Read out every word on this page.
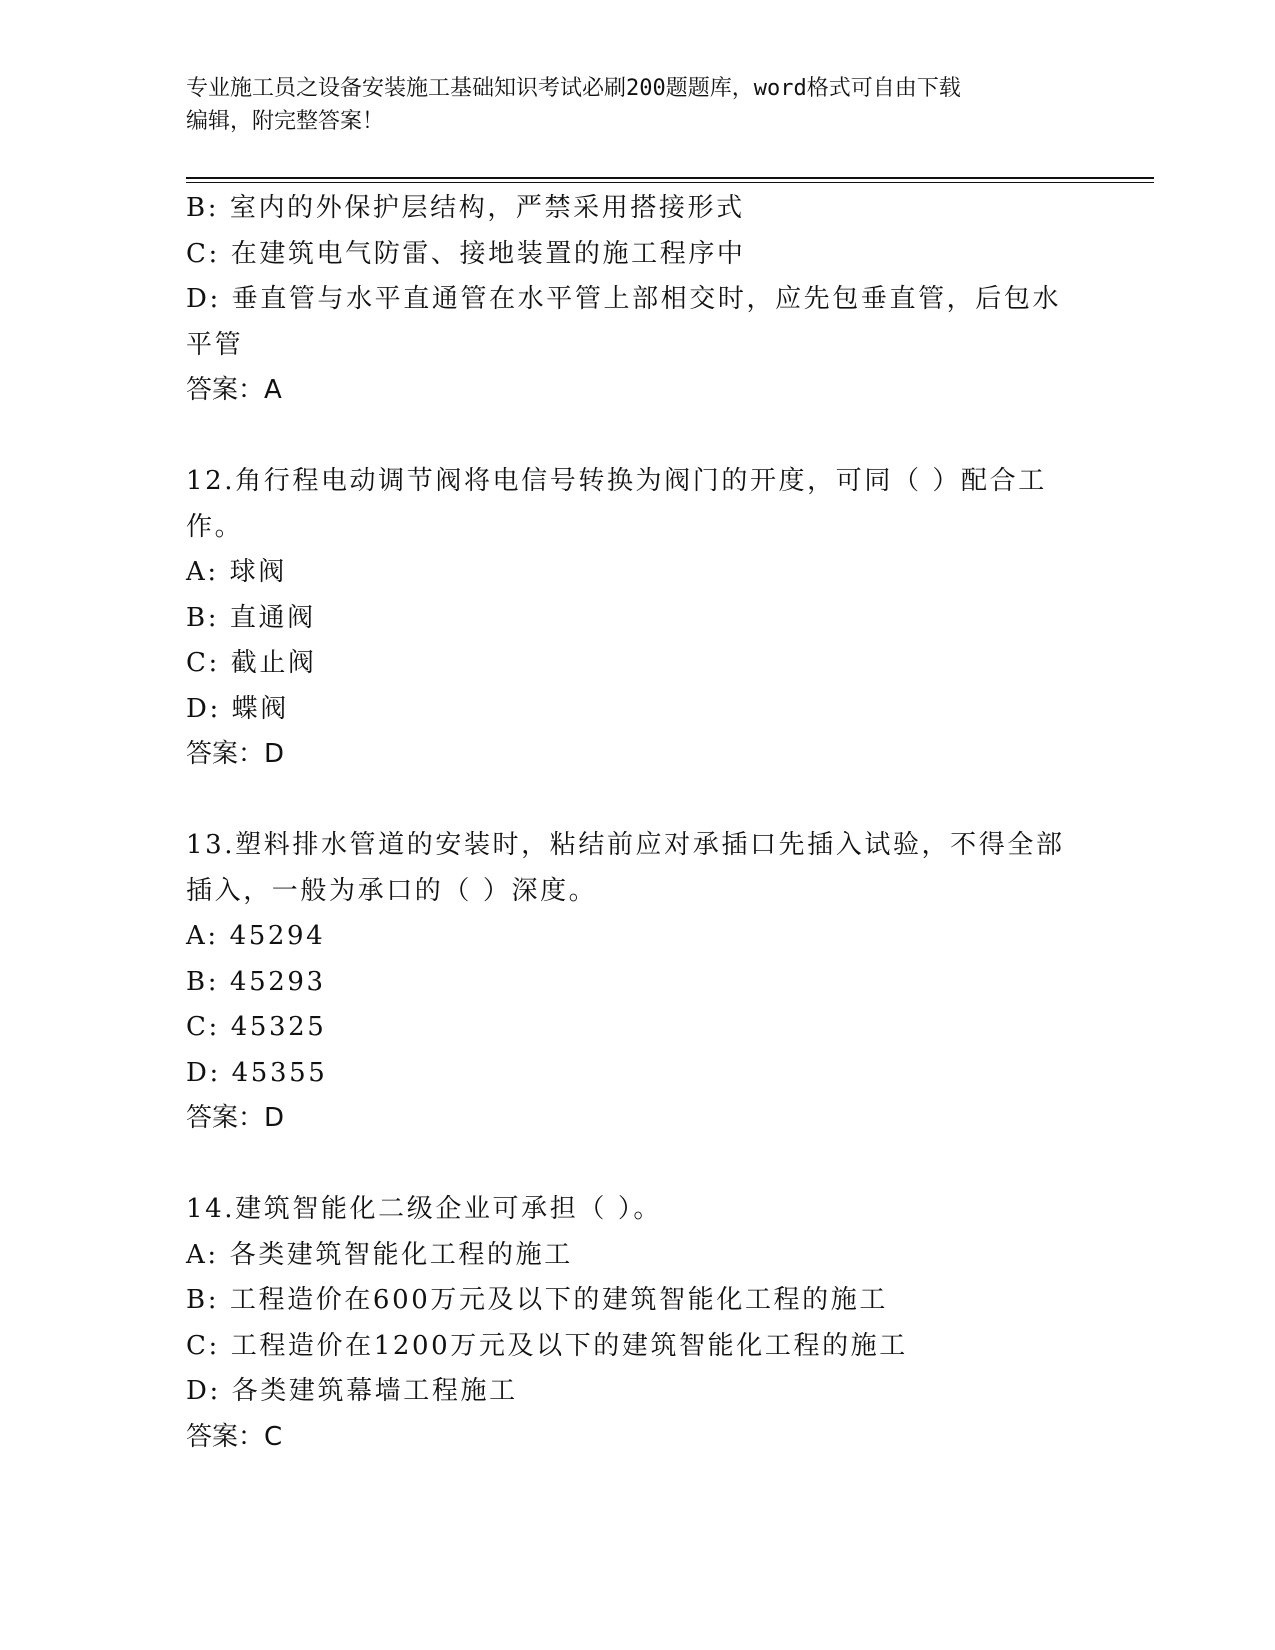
专业施工员之设备安装施工基础知识考试必刷200题题库，word格式可自由下载
编辑，附完整答案！
B: 室内的外保护层结构，严禁采用搭接形式
C: 在建筑电气防雷、接地装置的施工程序中
D: 垂直管与水平直通管在水平管上部相交时，应先包垂直管，后包水
平管
答案：A
12.角行程电动调节阀将电信号转换为阀门的开度，可同（ ）配合工
作。
A: 球阀
B: 直通阀
C: 截止阀
D: 蝶阀
答案：D
13.塑料排水管道的安装时，粘结前应对承插口先插入试验，不得全部
插入，一般为承口的（ ）深度。
A: 45294
B: 45293
C: 45325
D: 45355
答案：D
14.建筑智能化二级企业可承担（ ）。
A: 各类建筑智能化工程的施工
B: 工程造价在600万元及以下的建筑智能化工程的施工
C: 工程造价在1200万元及以下的建筑智能化工程的施工
D: 各类建筑幕墙工程施工
答案：C
